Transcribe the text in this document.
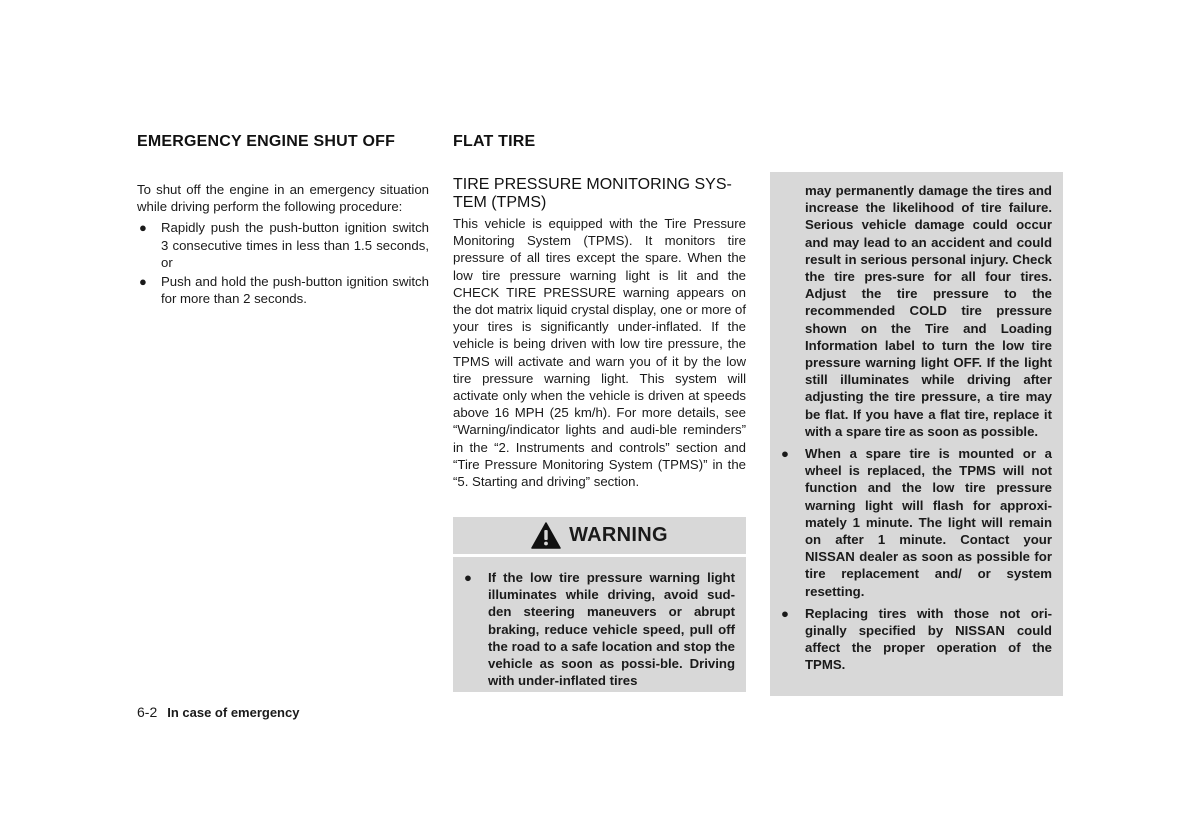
EMERGENCY ENGINE SHUT OFF

To shut off the engine in an emergency situation while driving perform the following procedure:

● Rapidly push the push-button ignition switch 3 consecutive times in less than 1.5 seconds, or
● Push and hold the push-button ignition switch for more than 2 seconds.
FLAT TIRE
TIRE PRESSURE MONITORING SYS-TEM (TPMS)

This vehicle is equipped with the Tire Pressure Monitoring System (TPMS). It monitors tire pressure of all tires except the spare. When the low tire pressure warning light is lit and the CHECK TIRE PRESSURE warning appears on the dot matrix liquid crystal display, one or more of your tires is significantly under-inflated. If the vehicle is being driven with low tire pressure, the TPMS will activate and warn you of it by the low tire pressure warning light. This system will activate only when the vehicle is driven at speeds above 16 MPH (25 km/h). For more details, see “Warning/indicator lights and audi-ble reminders” in the “2. Instruments and controls” section and “Tire Pressure Monitoring System (TPMS)” in the “5. Starting and driving” section.

WARNING
● If the low tire pressure warning light illuminates while driving, avoid sud-den steering maneuvers or abrupt braking, reduce vehicle speed, pull off the road to a safe location and stop the vehicle as soon as possi-ble. Driving with under-inflated tires

may permanently damage the tires and increase the likelihood of tire failure. Serious vehicle damage could occur and may lead to an accident and could result in serious personal injury. Check the tire pres-sure for all four tires. Adjust the tire pressure to the recommended COLD tire pressure shown on the Tire and Loading Information label to turn the low tire pressure warning light OFF. If the light still illuminates while driving after adjusting the tire pressure, a tire may be flat. If you have a flat tire, replace it with a spare tire as soon as possible.

● When a spare tire is mounted or a wheel is replaced, the TPMS will not function and the low tire pressure warning light will flash for approxi-mately 1 minute. The light will remain on after 1 minute. Contact your NISSAN dealer as soon as possible for tire replacement and/ or system resetting.
● Replacing tires with those not ori-ginally specified by NISSAN could affect the proper operation of the TPMS.
6-2 In case of emergency
